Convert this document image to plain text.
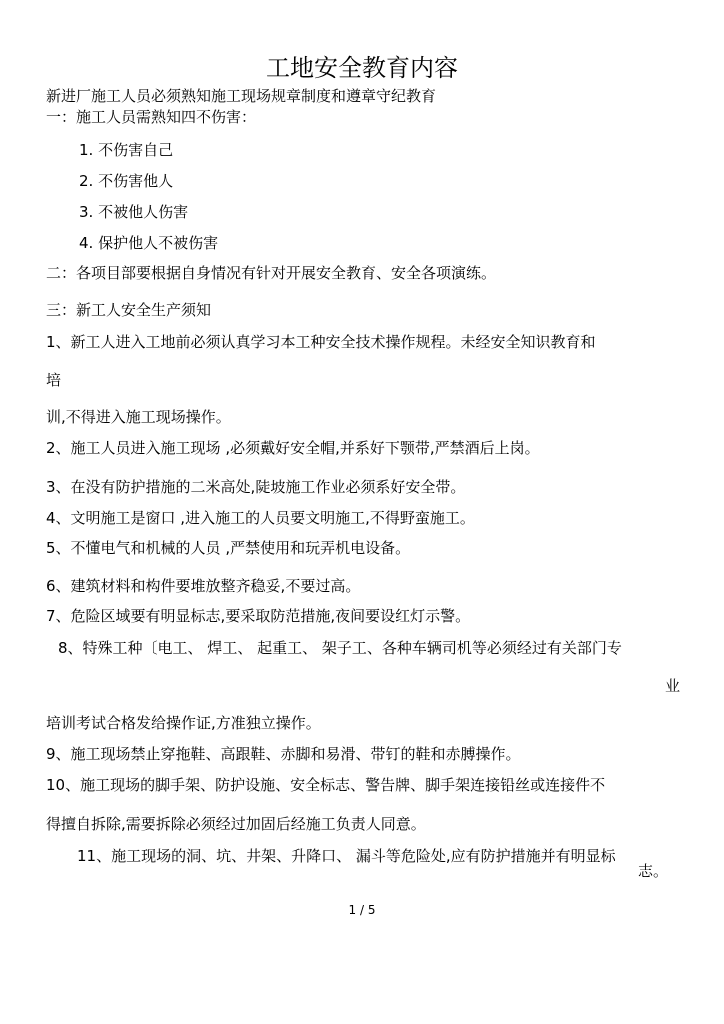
工地安全教育内容
新进厂施工人员必须熟知施工现场规章制度和遵章守纪教育
一：施工人员需熟知四不伤害：
1. 不伤害自己
2. 不伤害他人
3. 不被他人伤害
4. 保护他人不被伤害
二：各项目部要根据自身情况有针对开展安全教育、安全各项演练。
三：新工人安全生产须知
1、新工人进入工地前必须认真学习本工种安全技术操作规程。未经安全知识教育和
培
训,不得进入施工现场操作。
2、施工人员进入施工现场 ,必须戴好安全帽,并系好下颚带,严禁酒后上岗。
3、在没有防护措施的二米高处,陡坡施工作业必须系好安全带。
4、文明施工是窗口 ,进入施工的人员要文明施工,不得野蛮施工。
5、不懂电气和机械的人员 ,严禁使用和玩弄机电设备。
6、建筑材料和构件要堆放整齐稳妥,不要过高。
7、危险区域要有明显标志,要采取防范措施,夜间要设红灯示警。
8、特殊工种〔电工、 焊工、 起重工、 架子工、各种车辆司机等必须经过有关部门专
业
培训考试合格发给操作证,方准独立操作。
9、施工现场禁止穿拖鞋、高跟鞋、赤脚和易滑、带钉的鞋和赤膊操作。
10、施工现场的脚手架、防护设施、安全标志、警告牌、脚手架连接铅丝或连接件不
得擅自拆除,需要拆除必须经过加固后经施工负责人同意。
11、施工现场的洞、坑、井架、升降口、 漏斗等危险处,应有防护措施并有明显标
志。
1 / 5
